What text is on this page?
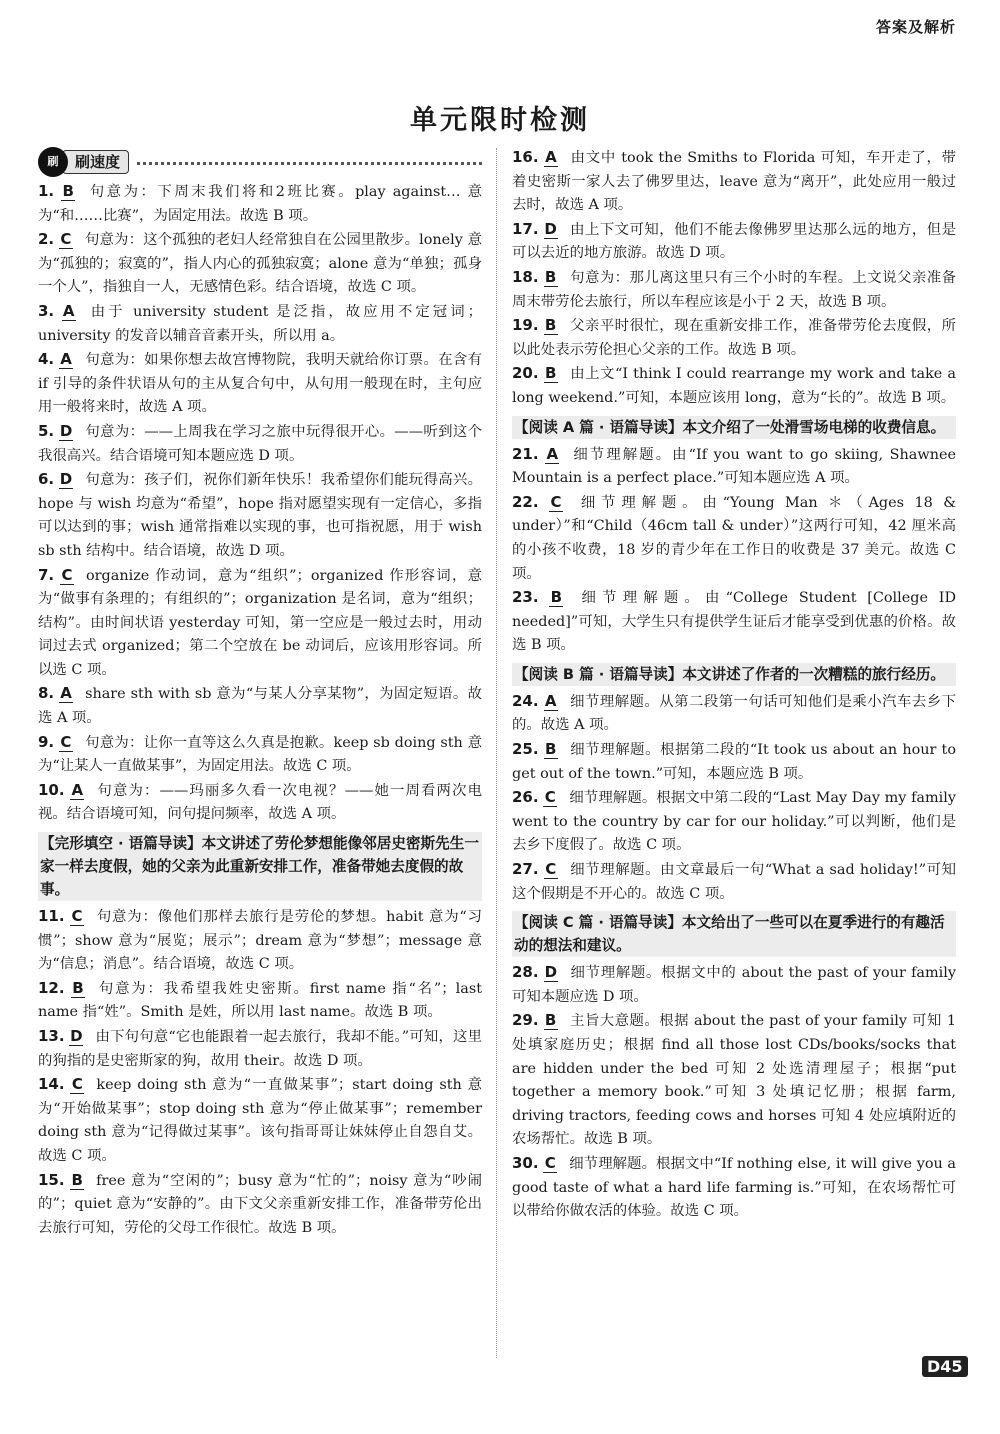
答案及解析
单元限时检测
刷	刷速度
1. B 句意为：下周末我们将和2班比赛。play against… 意为“和……比赛”，为固定用法。故选 B 项。
2. C 句意为：这个孤独的老妇人经常独自在公园里散步。lonely 意为“孤独的；寂寞的”，指人内心的孤独寂寞；alone 意为“单独；孤身一个人”，指独自一人，无感情色彩。结合语境，故选 C 项。
3. A 由于 university student 是泛指，故应用不定冠词；university 的发音以辅音音素开头，所以用 a。
4. A 句意为：如果你想去故宫博物院，我明天就给你订票。在含有 if 引导的条件状语从句的主从复合句中，从句用一般现在时，主句应用一般将来时，故选 A 项。
5. D 句意为：——上周我在学习之旅中玩得很开心。——听到这个我很高兴。结合语境可知本题应选 D 项。
6. D 句意为：孩子们，祝你们新年快乐！我希望你们能玩得高兴。hope 与 wish 均意为“希望”，hope 指对愿望实现有一定信心，多指可以达到的事；wish 通常指难以实现的事，也可指祝愿，用于 wish sb sth 结构中。结合语境，故选 D 项。
7. C organize 作动词，意为“组织”；organized 作形容词，意为“做事有条理的；有组织的”；organization 是名词，意为“组织；结构”。由时间状语 yesterday 可知，第一空应是一般过去时，用动词过去式 organized；第二个空放在 be 动词后，应该用形容词。所以选 C 项。
8. A share sth with sb 意为“与某人分享某物”，为固定短语。故选 A 项。
9. C 句意为：让你一直等这么久真是抱歉。keep sb doing sth 意为“让某人一直做某事”，为固定用法。故选 C 项。
10. A 句意为：——玛丽多久看一次电视？——她一周看两次电视。结合语境可知，问句提问频率，故选 A 项。
【完形填空 · 语篇导读】本文讲述了劳伦梦想能像邻居史密斯先生一家一样去度假，她的父亲为此重新安排工作，准备带她去度假的故事。
11. C 句意为：像他们那样去旅行是劳伦的梦想。habit 意为“习惯”；show 意为“展览；展示”；dream 意为“梦想”；message 意为“信息；消息”。结合语境，故选 C 项。
12. B 句意为：我希望我姓史密斯。first name 指“名”；last name 指“姓”。Smith 是姓，所以用 last name。故选 B 项。
13. D 由下句句意“它也能跟着一起去旅行，我却不能。”可知，这里的狗指的是史密斯家的狗，故用 their。故选 D 项。
14. C keep doing sth 意为“一直做某事”；start doing sth 意为“开始做某事”；stop doing sth 意为“停止做某事”；remember doing sth 意为“记得做过某事”。该句指哥哥让妹妹停止自怨自艾。故选 C 项。
15. B free 意为“空闲的”；busy 意为“忙的”；noisy 意为“吵闹的”；quiet 意为“安静的”。由下文父亲重新安排工作，准备带劳伦出去旅行可知，劳伦的父母工作很忙。故选 B 项。
16. A 由文中 took the Smiths to Florida 可知，车开走了，带着史密斯一家人去了佛罗里达，leave 意为“离开”，此处应用一般过去时，故选 A 项。
17. D 由上下文可知，他们不能去像佛罗里达那么远的地方，但是可以去近的地方旅游。故选 D 项。
18. B 句意为：那儿离这里只有三个小时的车程。上文说父亲准备周末带劳伦去旅行，所以车程应该是小于 2 天，故选 B 项。
19. B 父亲平时很忙，现在重新安排工作，准备带劳伦去度假，所以此处表示劳伦担心父亲的工作。故选 B 项。
20. B 由上文“I think I could rearrange my work and take a long weekend.”可知，本题应该用 long，意为“长的”。故选 B 项。
【阅读 A 篇 · 语篇导读】本文介绍了一处滑雪场电梯的收费信息。
21. A 细节理解题。由“If you want to go skiing, Shawnee Mountain is a perfect place.”可知本题应选 A 项。
22. C 细节理解题。由“Young Man ＊（Ages 18 & under）”和“Child（46cm tall & under）”这两行可知，42 厘米高的小孩不收费，18 岁的青少年在工作日的收费是 37 美元。故选 C 项。
23. B 细节理解题。由“College Student [College ID needed]”可知，大学生只有提供学生证后才能享受到优惠的价格。故选 B 项。
【阅读 B 篇 · 语篇导读】本文讲述了作者的一次糟糕的旅行经历。
24. A 细节理解题。从第二段第一句话可知他们是乘小汽车去乡下的。故选 A 项。
25. B 细节理解题。根据第二段的“It took us about an hour to get out of the town.”可知，本题应选 B 项。
26. C 细节理解题。根据文中第二段的“Last May Day my family went to the country by car for our holiday.”可以判断，他们是去乡下度假了。故选 C 项。
27. C 细节理解题。由文章最后一句“What a sad holiday!”可知这个假期是不开心的。故选 C 项。
【阅读 C 篇 · 语篇导读】本文给出了一些可以在夏季进行的有趣活动的想法和建议。
28. D 细节理解题。根据文中的 about the past of your family 可知本题应选 D 项。
29. B 主旨大意题。根据 about the past of your family 可知 1 处填家庭历史；根据 find all those lost CDs/books/socks that are hidden under the bed 可知 2 处选清理屋子；根据“put together a memory book.”可知 3 处填记忆册；根据 farm, driving tractors, feeding cows and horses 可知 4 处应填附近的农场帮忙。故选 B 项。
30. C 细节理解题。根据文中“If nothing else, it will give you a good taste of what a hard life farming is.”可知，在农场帮忙可以带给你做农活的体验。故选 C 项。
D45
